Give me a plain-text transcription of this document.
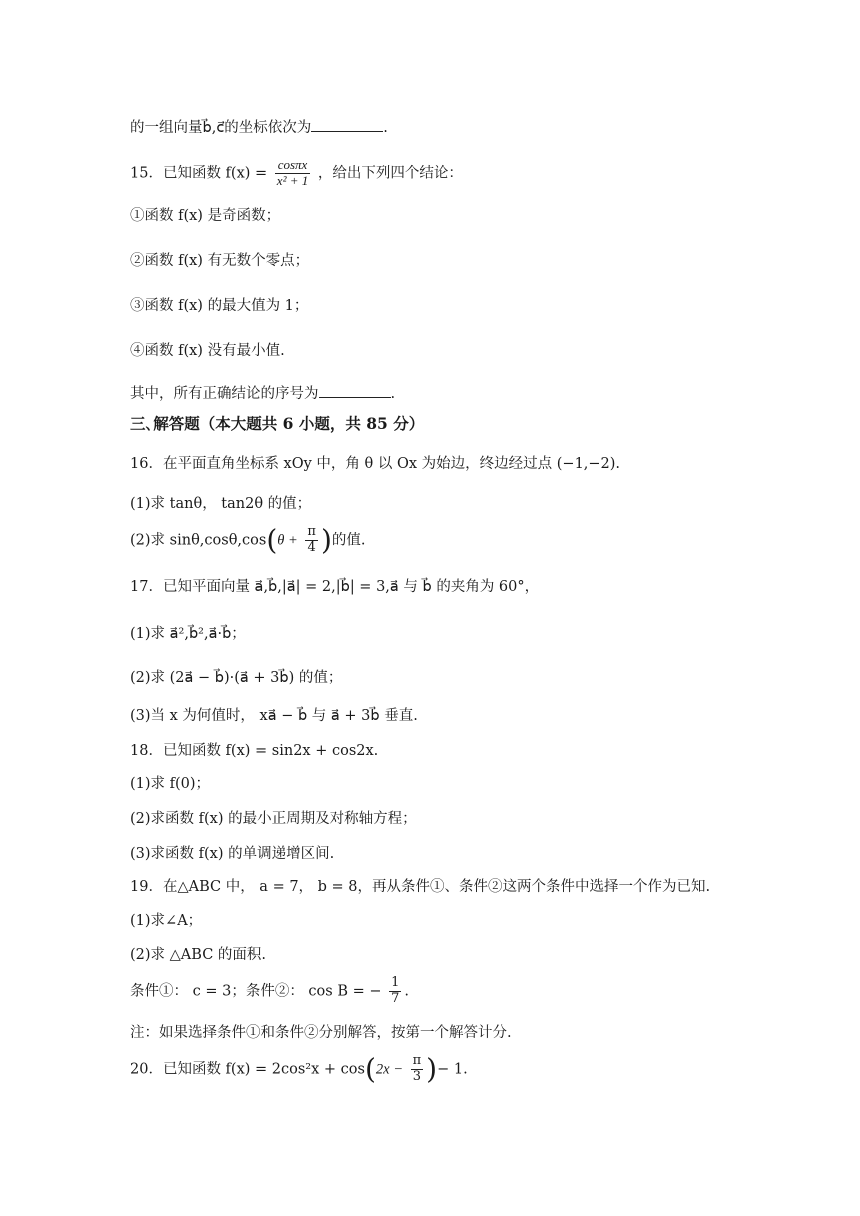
的一组向量b⃗,c⃗的坐标依次为	.
15．已知函数 $f(x) = \frac{\cos\pi x}{\text{x² + 1}}$ ，给出下列四个结论：
①函数 f(x) 是奇函数；
②函数 f(x) 有无数个零点；
③函数 f(x) 的最大值为 1；
④函数 f(x) 没有最小值.
其中，所有正确结论的序号为	.
三､解答题（本大题共 6 小题，共 85 分）
16．在平面直角坐标系 xOy 中，角 θ 以 Ox 为始边，终边经过点 (−1,−2).
(1)求 tanθ， tan2θ 的值；
(2)求 $\sin\theta,\cos\theta,\cos(\theta + \frac{\pi}{4}$ )的值.
17．已知平面向量 a⃗,b⃗,|a⃗| = 2,|b⃗| = 3,a⃗ 与 b⃗ 的夹角为 60°，
(1)求 a⃗²,b⃗²,a⃗·b⃗；
(2)求 (2a⃗ − b⃗)·(a⃗ + 3b⃗) 的值；
(3)当 x 为何值时， xa⃗ − b⃗ 与 a⃗ + 3b⃗ 垂直.
18．已知函数 f(x) = sin2x + cos2x.
(1)求 f(0)；
(2)求函数 f(x) 的最小正周期及对称轴方程；
(3)求函数 f(x) 的单调递增区间.
19．在△ABC 中， a = 7， b = 8，再从条件①、条件②这两个条件中选择一个作为已知.
(1)求∠A；
(2)求 △ABC 的面积.
条件①： c = 3；条件②： cos B = − $\frac{1}{7}$ .
注：如果选择条件①和条件②分别解答，按第一个解答计分.
20．已知函数 $f(x) = 2\cos^2x + \cos(2x - \frac{\pi}{3}$ )− 1.
